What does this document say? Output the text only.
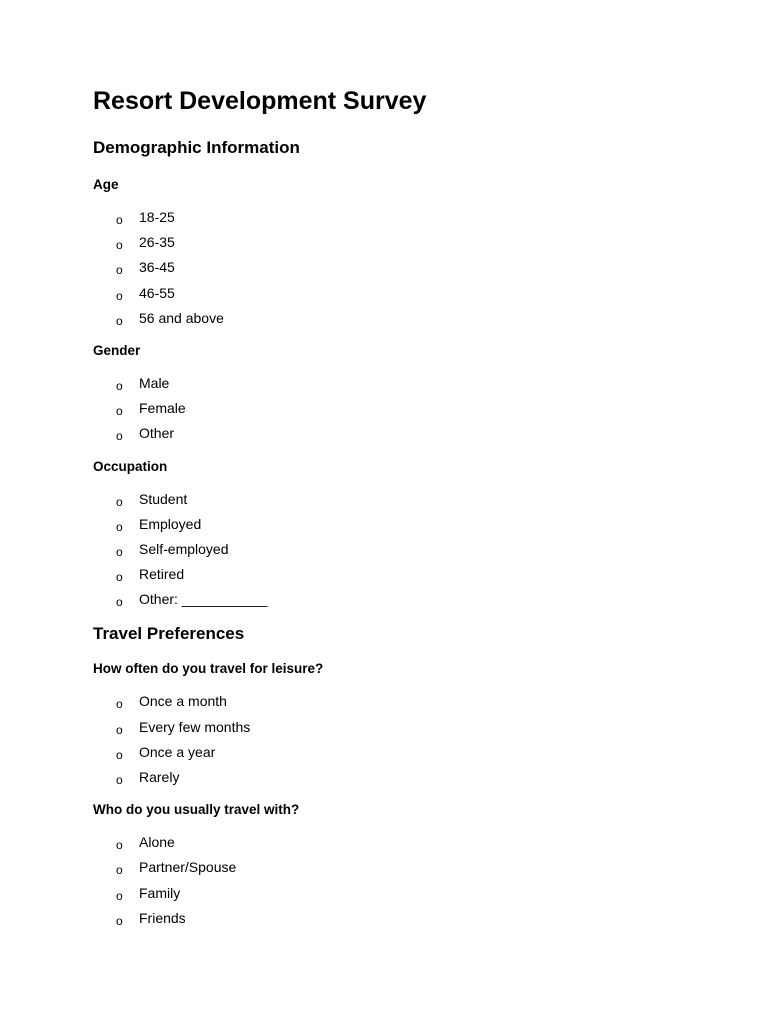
Resort Development Survey
Demographic Information
Age
o 18-25
o 26-35
o 36-45
o 46-55
o 56 and above
Gender
o Male
o Female
o Other
Occupation
o Student
o Employed
o Self-employed
o Retired
o Other: ___________
Travel Preferences
How often do you travel for leisure?
o Once a month
o Every few months
o Once a year
o Rarely
Who do you usually travel with?
o Alone
o Partner/Spouse
o Family
o Friends
